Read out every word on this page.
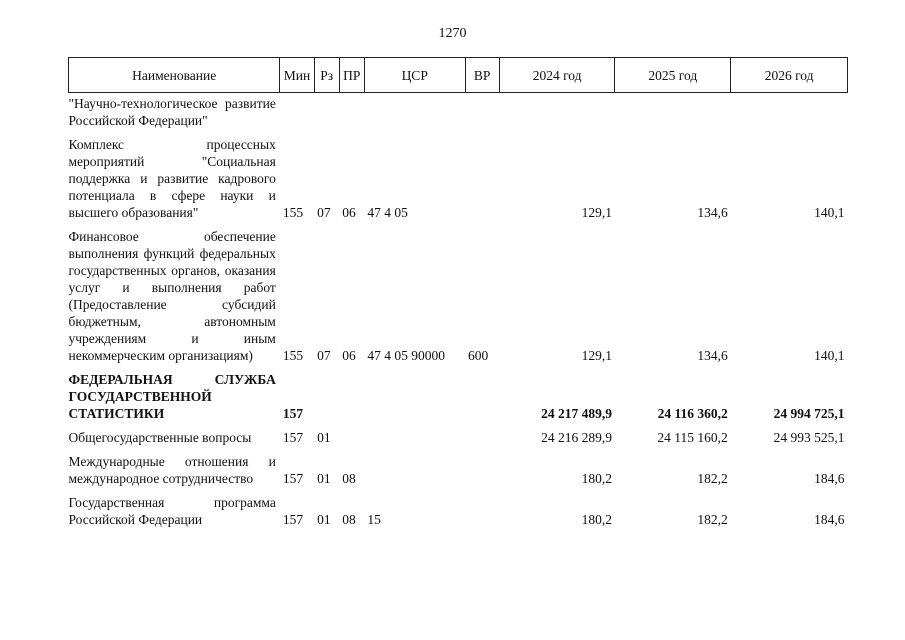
1270
Наименование	Мин	Рз	ПР	ЦСР	ВР	2024 год	2025 год	2026 год
"Научно-технологическое развитие Российской Федерации"								
Комплекс процессных мероприятий "Социальная поддержка и развитие кадрового потенциала в сфере науки и высшего образования"	155	07	06	47 4 05		129,1	134,6	140,1
Финансовое обеспечение выполнения функций федеральных государственных органов, оказания услуг и выполнения работ (Предоставление субсидий бюджетным, автономным учреждениям и иным некоммерческим организациям)	155	07	06	47 4 05 90000	600	129,1	134,6	140,1
ФЕДЕРАЛЬНАЯ СЛУЖБА ГОСУДАРСТВЕННОЙ СТАТИСТИКИ	157					24 217 489,9	24 116 360,2	24 994 725,1
Общегосударственные вопросы	157	01				24 216 289,9	24 115 160,2	24 993 525,1
Международные отношения и международное сотрудничество	157	01	08			180,2	182,2	184,6
Государственная программа Российской Федерации	157	01	08	15		180,2	182,2	184,6
